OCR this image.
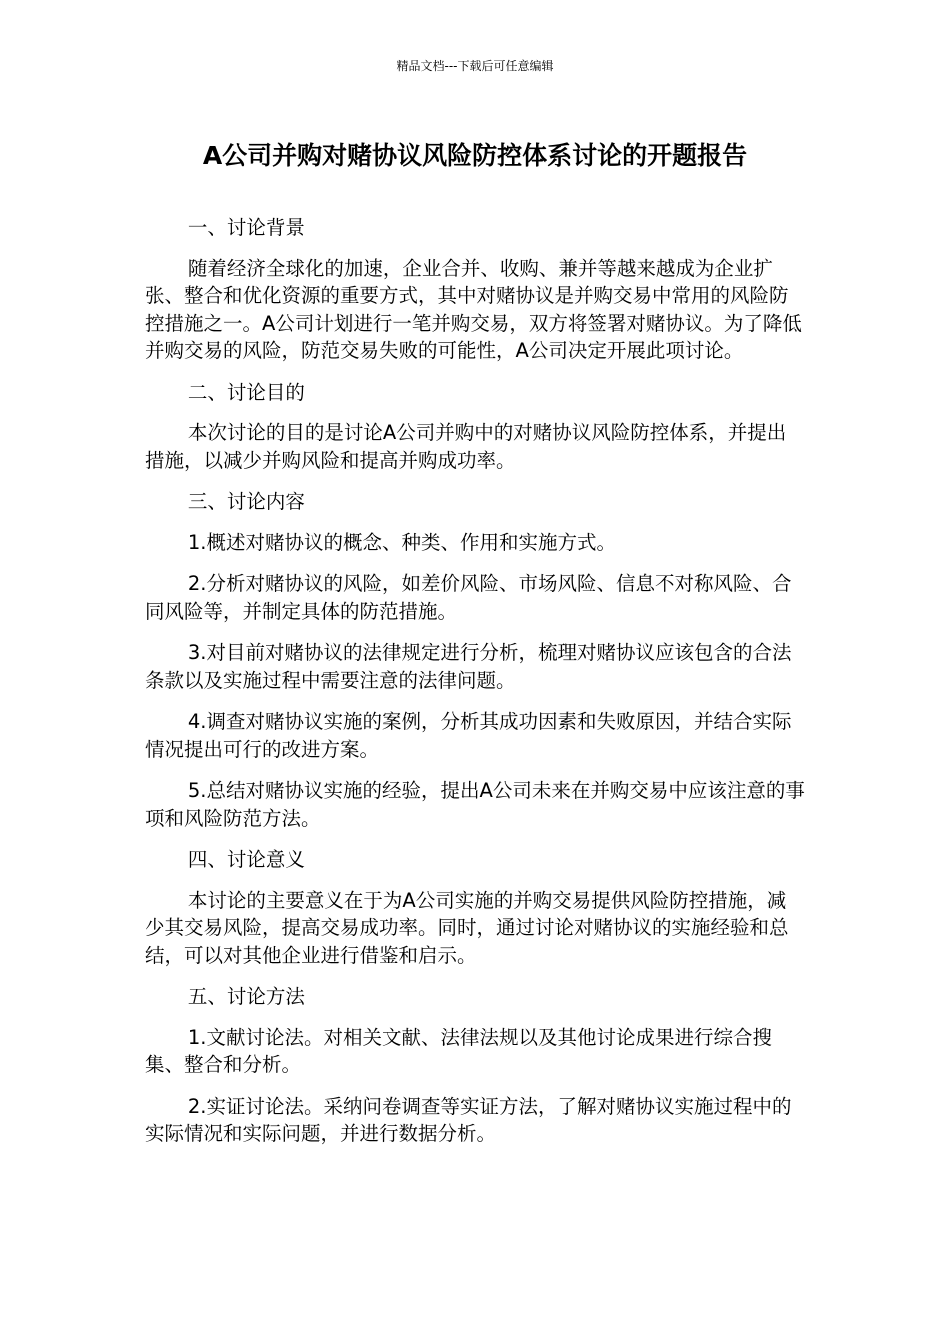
精品文档---下载后可任意编辑
A公司并购对赌协议风险防控体系讨论的开题报告

一、讨论背景

随着经济全球化的加速，企业合并、收购、兼并等越来越成为企业扩张、整合和优化资源的重要方式，其中对赌协议是并购交易中常用的风险防控措施之一。A公司计划进行一笔并购交易，双方将签署对赌协议。为了降低并购交易的风险，防范交易失败的可能性，A公司决定开展此项讨论。

二、讨论目的

本次讨论的目的是讨论A公司并购中的对赌协议风险防控体系，并提出措施，以减少并购风险和提高并购成功率。

三、讨论内容

1.概述对赌协议的概念、种类、作用和实施方式。

2.分析对赌协议的风险，如差价风险、市场风险、信息不对称风险、合同风险等，并制定具体的防范措施。

3.对目前对赌协议的法律规定进行分析，梳理对赌协议应该包含的合法条款以及实施过程中需要注意的法律问题。

4.调查对赌协议实施的案例，分析其成功因素和失败原因，并结合实际情况提出可行的改进方案。

5.总结对赌协议实施的经验，提出A公司未来在并购交易中应该注意的事项和风险防范方法。

四、讨论意义

本讨论的主要意义在于为A公司实施的并购交易提供风险防控措施，减少其交易风险，提高交易成功率。同时，通过讨论对赌协议的实施经验和总结，可以对其他企业进行借鉴和启示。

五、讨论方法

1.文献讨论法。对相关文献、法律法规以及其他讨论成果进行综合搜集、整合和分析。

2.实证讨论法。采纳问卷调查等实证方法，了解对赌协议实施过程中的实际情况和实际问题，并进行数据分析。
